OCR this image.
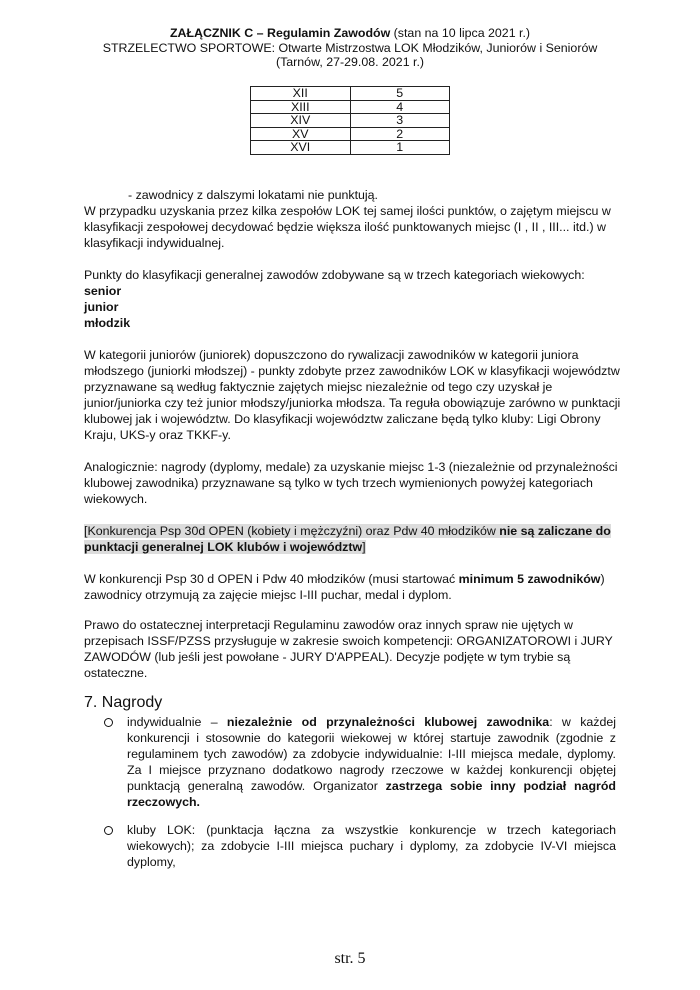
ZAŁĄCZNIK C – Regulamin Zawodów (stan na 10 lipca 2021 r.)
STRZELECTWO SPORTOWE: Otwarte Mistrzostwa LOK Młodzików, Juniorów i Seniorów
(Tarnów, 27-29.08. 2021 r.)
XII	5
XIII	4
XIV	3
XV	2
XVI	1
- zawodnicy z dalszymi lokatami nie punktują.
W przypadku uzyskania przez kilka zespołów LOK tej samej ilości punktów, o zajętym miejscu w klasyfikacji zespołowej decydować będzie większa ilość punktowanych miejsc (I , II , III... itd.) w klasyfikacji indywidualnej.
Punkty do klasyfikacji generalnej zawodów zdobywane są w trzech kategoriach wiekowych:
senior
junior
młodzik
W kategorii juniorów (juniorek) dopuszczono do rywalizacji zawodników w kategorii juniora młodszego (juniorki młodszej) - punkty zdobyte przez zawodników LOK w klasyfikacji województw przyznawane są według faktycznie zajętych miejsc niezależnie od tego czy uzyskał je junior/juniorka czy też junior młodszy/juniorka młodsza. Ta reguła obowiązuje zarówno w punktacji klubowej jak i województw. Do klasyfikacji województw zaliczane będą tylko kluby: Ligi Obrony Kraju, UKS-y oraz TKKF-y.
Analogicznie: nagrody (dyplomy, medale) za uzyskanie miejsc 1-3 (niezależnie od przynależności klubowej zawodnika) przyznawane są tylko w tych trzech wymienionych powyżej kategoriach wiekowych.
[Konkurencja Psp 30d OPEN (kobiety i mężczyźni) oraz Pdw 40 młodzików nie są zaliczane do punktacji generalnej LOK klubów i województw]
W konkurencji Psp 30 d OPEN i Pdw 40 młodzików (musi startować minimum 5 zawodników) zawodnicy otrzymują za zajęcie miejsc I-III puchar, medal i dyplom.
Prawo do ostatecznej interpretacji Regulaminu zawodów oraz innych spraw nie ujętych w przepisach ISSF/PZSS przysługuje w zakresie swoich kompetencji: ORGANIZATOROWI i JURY ZAWODÓW (lub jeśli jest powołane - JURY D'APPEAL). Decyzje podjęte w tym trybie są ostateczne.
7. Nagrody
indywidualnie – niezależnie od przynależności klubowej zawodnika: w każdej konkurencji i stosownie do kategorii wiekowej w której startuje zawodnik (zgodnie z regulaminem tych zawodów) za zdobycie indywidualnie: I-III miejsca medale, dyplomy. Za I miejsce przyznano dodatkowo nagrody rzeczowe w każdej konkurencji objętej punktacją generalną zawodów. Organizator zastrzega sobie inny podział nagród rzeczowych.
kluby LOK: (punktacja łączna za wszystkie konkurencje w trzech kategoriach wiekowych); za zdobycie I-III miejsca puchary i dyplomy, za zdobycie IV-VI miejsca dyplomy,
str. 5
